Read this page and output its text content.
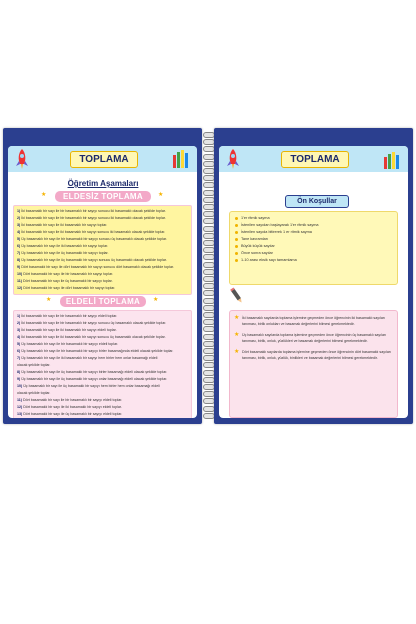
TOPLAMA
Öğretim Aşamaları
ELDESİZ TOPLAMA
★	★
1) İki basamaklı bir sayı ile bir basamaklı bir sayıyı sonucu iki basamaklı olacak şekilde toplar.
2) İki basamaklı bir sayı ile bir basamaklı bir sayıyı sonucu iki basamaklı olacak şekilde toplar.
3) İki basamaklı bir sayı ile iki basamaklı bir sayıyı toplar.
4) İki basamaklı bir sayı ile iki basamaklı bir sayıyı sonucu iki basamaklı olacak şekilde toplar.
5) Üç basamaklı bir sayı ile bir basamaklı bir sayıyı sonucu üç basamaklı olacak şekilde toplar.
6) Üç basamaklı bir sayı ile iki basamaklı bir sayıyı toplar.
7) Üç basamaklı bir sayı ile üç basamaklı bir sayıyı toplar.
8) Üç basamaklı bir sayı ile üç basamaklı bir sayıyı sonucu üç basamaklı olacak şekilde toplar.
9) Dört basamaklı bir sayı ile dört basamaklı bir sayıyı sonucu dört basamaklı olacak şekilde toplar.
10) Dört basamaklı bir sayı ile bir basamaklı bir sayıyı toplar.
11) Dört basamaklı bir sayı ile üç basamaklı bir sayıyı toplar.
12) Dört basamaklı bir sayı ile dört basamaklı bir sayıyı toplar.
ELDELİ TOPLAMA
★	★
1) İki basamaklı bir sayı ile bir basamaklı bir sayıyı eldeli toplar.
2) İki basamaklı bir sayı ile bir basamaklı bir sayıyı sonucu üç basamaklı olacak şekilde toplar.
3) İki basamaklı bir sayı ile iki basamaklı bir sayıyı eldeli toplar.
4) İki basamaklı bir sayı ile iki basamaklı bir sayıyı sonucu üç basamaklı olacak şekilde toplar.
5) Üç basamaklı bir sayı ile bir basamaklı bir sayıyı eldeli toplar.
6) Üç basamaklı bir sayı ile bir basamaklı bir sayıyı birler basamağında eldeli olacak şekilde toplar.
7) Üç basamaklı bir sayı ile iki basamaklı bir sayıyı hem birler hem onlar basamağı eldeli
olacak şekilde toplar.
8) Üç basamaklı bir sayı ile üç basamaklı bir sayıyı birler basamağı eldeli olacak şekilde toplar.
9) Üç basamaklı bir sayı ile üç basamaklı bir sayıyı onlar basamağı eldeli olacak şekilde toplar.
10) Üç basamaklı bir sayı ile üç basamaklı bir sayıyı hem birler hem onlar basamağı eldeli
olacak şekilde toplar.
11) Dört basamaklı bir sayı ile bir basamaklı bir sayıyı eldeli toplar.
12) Dört basamaklı bir sayı ile iki basamaklı bir sayıyı eldeli toplar.
13) Dört basamaklı bir sayı ile üç basamaklı bir sayıyı eldeli toplar.
TOPLAMA
Ön Koşullar
1'er ritmik sayma
İstenilen sayıdan başlayarak 1'er ritmik sayma
İstenilen sayıda bitirerek 1 er ritmik sayma
Tane kavramları
Büyük küçük sayılar
Önce sonra sayılar
1-10 arası eksik sayı tamamlama
★ İki basamaklı sayılarda toplama işlemine geçmeden önce öğrencinin iki basamaklı sayıları tanıması, birlik onlukları ve basamak değerlerini bilmesi gerekmektedir.
★ Üç basamaklı sayılarda toplama işlemine geçmeden önce öğrencinin üç basamaklı sayıları tanıması, birlik, onluk, yüzlükleri ve basamak değerlerini bilmesi gerekmektedir.
★ Dört basamaklı sayılarda toplama işlemine geçmeden önce öğrencinin dört basamaklı sayıları tanıması, birlik, onluk, yüzlük, binlikleri ve basamak değerlerini bilmesi gerekmektedir.
